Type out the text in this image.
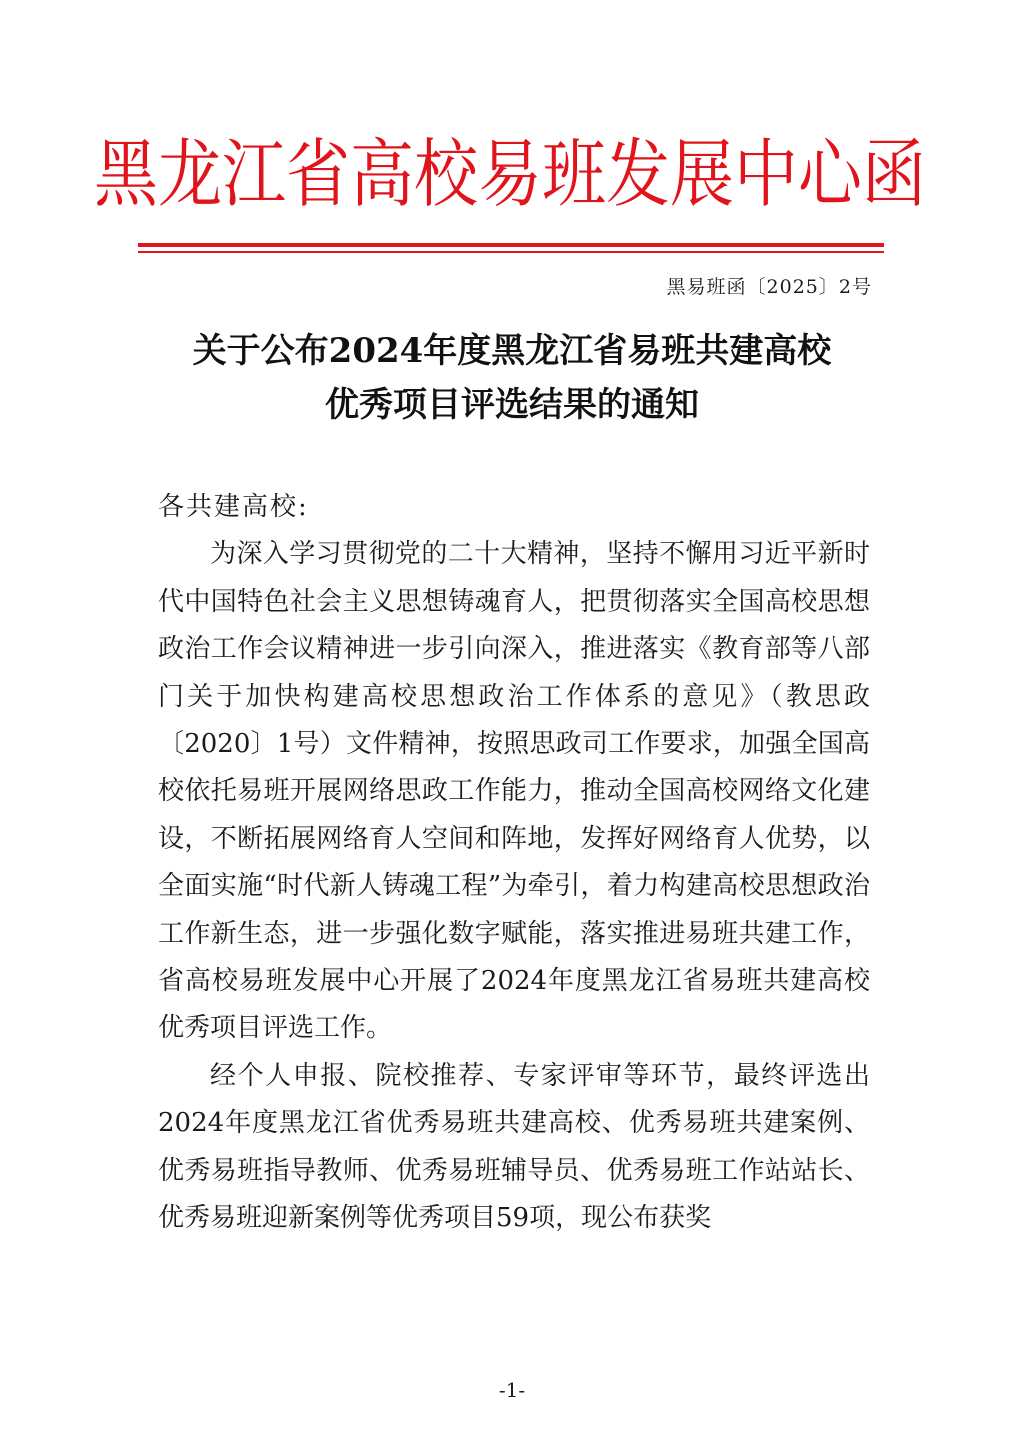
黑龙江省高校易班发展中心函
黑易班函〔2025〕2号
关于公布2024年度黑龙江省易班共建高校
优秀项目评选结果的通知

各共建高校:

为深入学习贯彻党的二十大精神，坚持不懈用习近平新时代中国特色社会主义思想铸魂育人，把贯彻落实全国高校思想政治工作会议精神进一步引向深入，推进落实《教育部等八部门关于加快构建高校思想政治工作体系的意见》（教思政〔2020〕1号）文件精神，按照思政司工作要求，加强全国高校依托易班开展网络思政工作能力，推动全国高校网络文化建设，不断拓展网络育人空间和阵地，发挥好网络育人优势，以全面实施“时代新人铸魂工程”为牵引，着力构建高校思想政治工作新生态，进一步强化数字赋能，落实推进易班共建工作，省高校易班发展中心开展了2024年度黑龙江省易班共建高校优秀项目评选工作。

经个人申报、院校推荐、专家评审等环节，最终评选出2024年度黑龙江省优秀易班共建高校、优秀易班共建案例、优秀易班指导教师、优秀易班辅导员、优秀易班工作站站长、优秀易班迎新案例等优秀项目59项，现公布获奖

-1-
